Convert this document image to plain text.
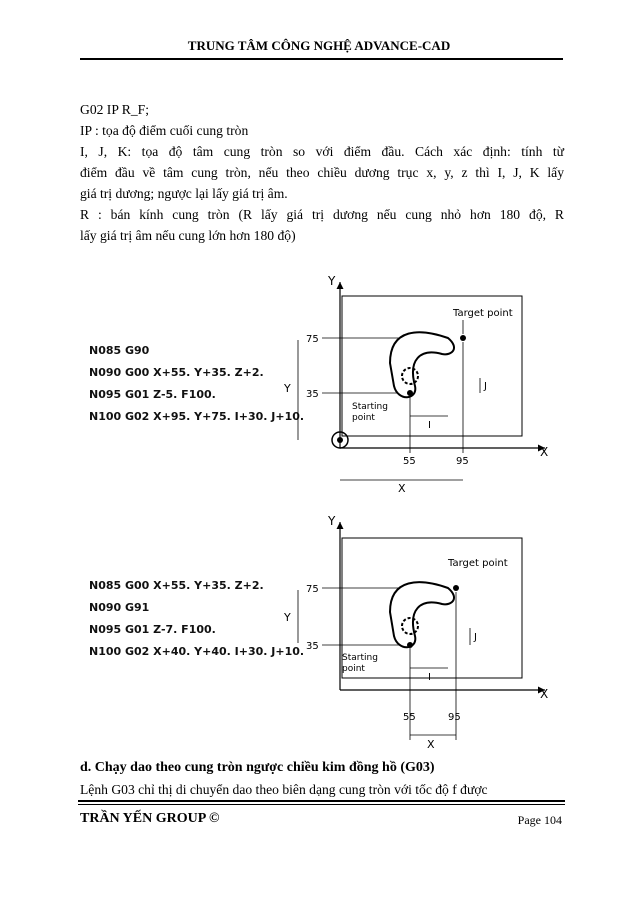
TRUNG TÂM CÔNG NGHỆ ADVANCE-CAD
G02 IP R_F;
IP : tọa độ điểm cuối cung tròn
I, J, K: tọa độ tâm cung tròn so với điểm đầu. Cách xác định: tính từ
điểm đầu về tâm cung tròn, nếu theo chiều dương trục x, y, z thì I, J, K lấy
giá trị dương; ngược lại lấy giá trị âm.
R : bán kính cung tròn (R lấy giá trị dương nếu cung nhỏ hơn 180 độ, R
lấy giá trị âm nếu cung lớn hơn 180 độ)
N085 G90
N090 G00 X+55. Y+35. Z+2.
N095 G01 Z-5. F100.
N100 G02 X+95. Y+75. I+30. J+10.
Y
X
75
35
Y
Target point
Starting
point
55	95
X
I
J
N085 G00 X+55. Y+35. Z+2.
N090 G91
N095 G01 Z-7. F100.
N100 G02 X+40. Y+40. I+30. J+10.
Y
X
75
35
Y
Target point
Starting
point
55	95
X
I
J
d. Chạy dao theo cung tròn ngược chiều kim đồng hồ (G03)
Lệnh G03 chỉ thị di chuyển dao theo biên dạng cung tròn với tốc độ f được
TRẦN YẾN GROUP ©	Page 104
